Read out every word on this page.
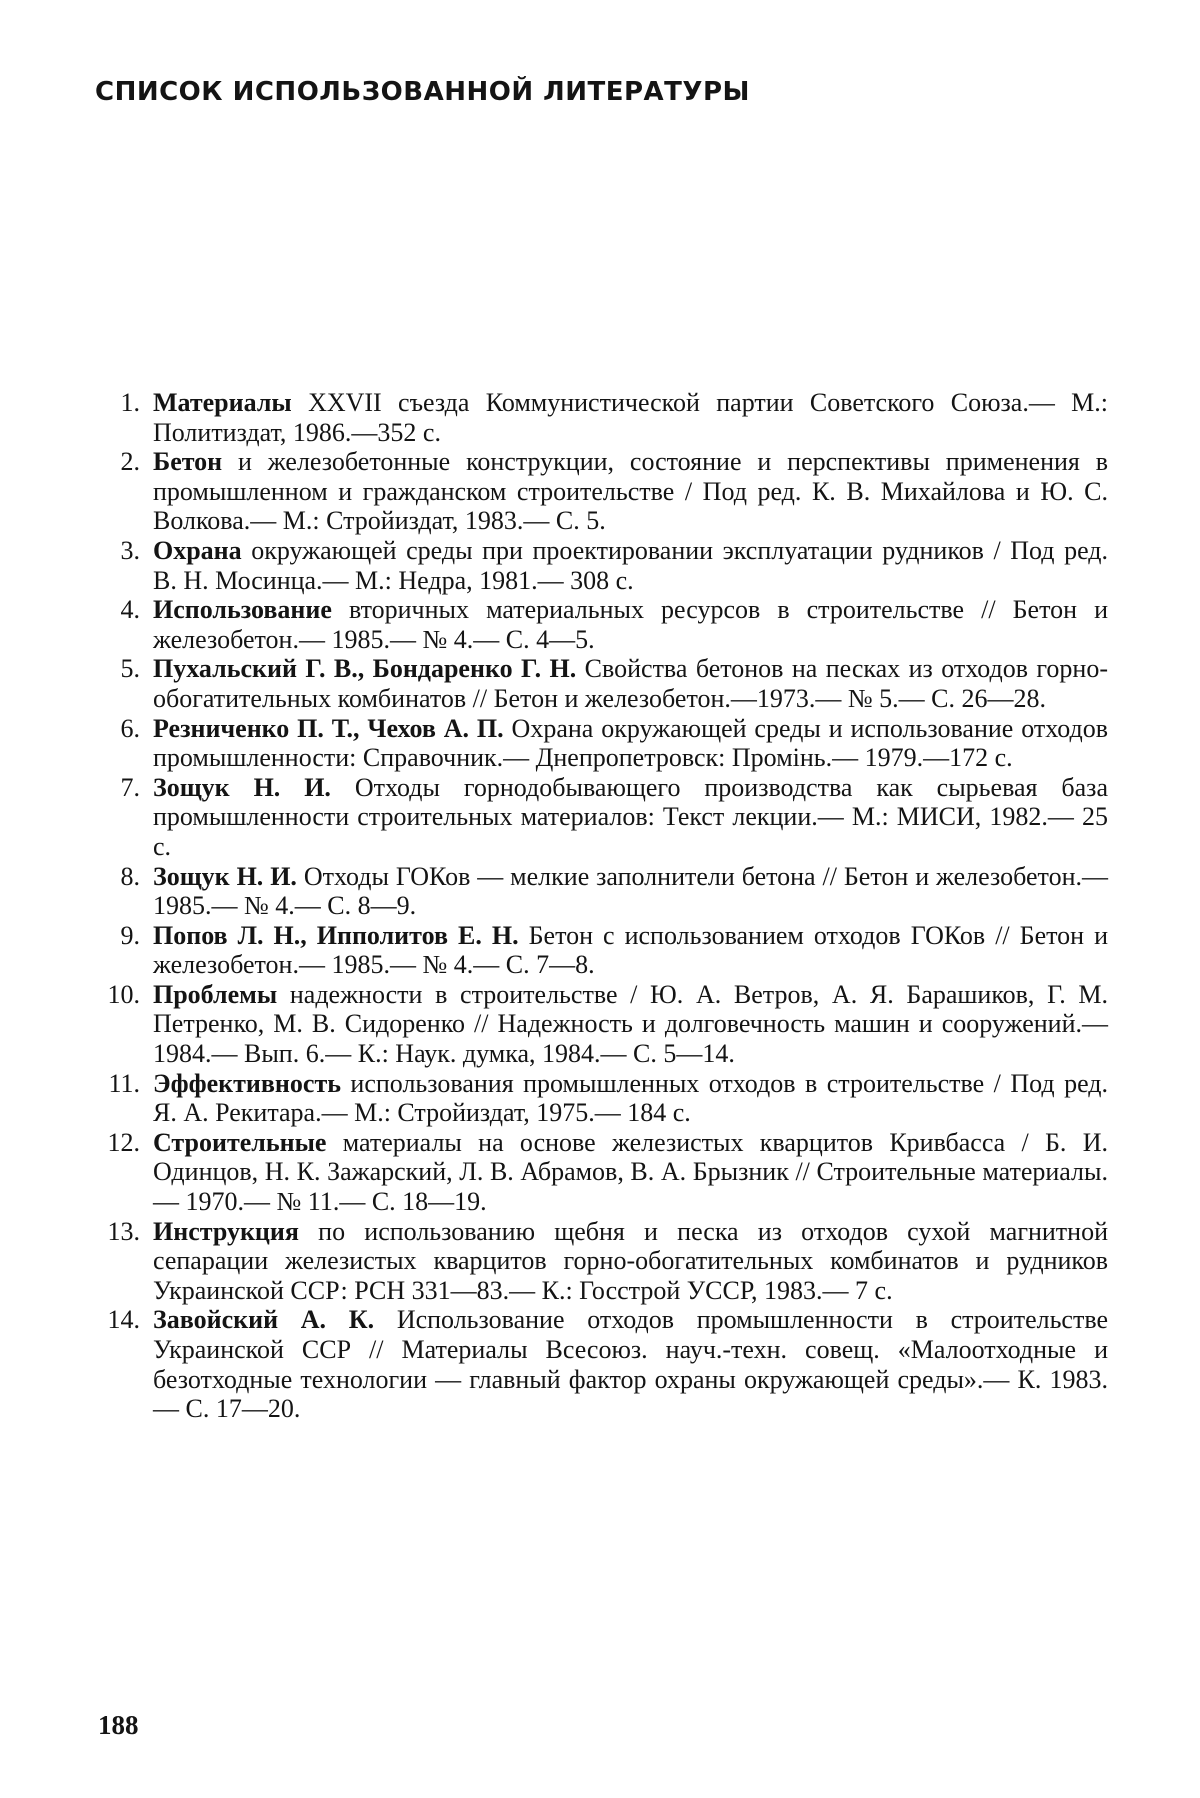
СПИСОК ИСПОЛЬЗОВАННОЙ ЛИТЕРАТУРЫ
1. Материалы XXVII съезда Коммунистической партии Советского Союза.— М.: Политиздат, 1986.—352 с.
2. Бетон и железобетонные конструкции, состояние и перспективы применения в промышленном и гражданском строительстве / Под ред. К. В. Михайлова и Ю. С. Волкова.— М.: Стройиздат, 1983.— С. 5.
3. Охрана окружающей среды при проектировании эксплуатации рудников / Под ред. В. Н. Мосинца.— М.: Недра, 1981.— 308 с.
4. Использование вторичных материальных ресурсов в строительстве // Бетон и железобетон.— 1985.— № 4.— С. 4—5.
5. Пухальский Г. В., Бондаренко Г. Н. Свойства бетонов на песках из отходов горно-обогатительных комбинатов // Бетон и железобетон.—1973.— № 5.— С. 26—28.
6. Резниченко П. Т., Чехов А. П. Охрана окружающей среды и использование отходов промышленности: Справочник.— Днепропетровск: Промінь.— 1979.—172 с.
7. Зощук Н. И. Отходы горнодобывающего производства как сырьевая база промышленности строительных материалов: Текст лекции.— М.: МИСИ, 1982.— 25 с.
8. Зощук Н. И. Отходы ГОКов — мелкие заполнители бетона // Бетон и железобетон.— 1985.— № 4.— С. 8—9.
9. Попов Л. Н., Ипполитов Е. Н. Бетон с использованием отходов ГОКов // Бетон и железобетон.— 1985.— № 4.— С. 7—8.
10. Проблемы надежности в строительстве / Ю. А. Ветров, А. Я. Барашиков, Г. М. Петренко, М. В. Сидоренко // Надежность и долговечность машин и сооружений.— 1984.— Вып. 6.— К.: Наук. думка, 1984.— С. 5—14.
11. Эффективность использования промышленных отходов в строительстве / Под ред. Я. А. Рекитара.— М.: Стройиздат, 1975.— 184 с.
12. Строительные материалы на основе железистых кварцитов Кривбасса / Б. И. Одинцов, Н. К. Зажарский, Л. В. Абрамов, В. А. Брызник // Строительные материалы.— 1970.— № 11.— С. 18—19.
13. Инструкция по использованию щебня и песка из отходов сухой магнитной сепарации железистых кварцитов горно-обогатительных комбинатов и рудников Украинской ССР: РСН 331—83.— К.: Госстрой УССР, 1983.— 7 с.
14. Завойский А. К. Использование отходов промышленности в строительстве Украинской ССР // Материалы Всесоюз. науч.-техн. совещ. «Малоотходные и безотходные технологии — главный фактор охраны окружающей среды».— К. 1983.— С. 17—20.
188
